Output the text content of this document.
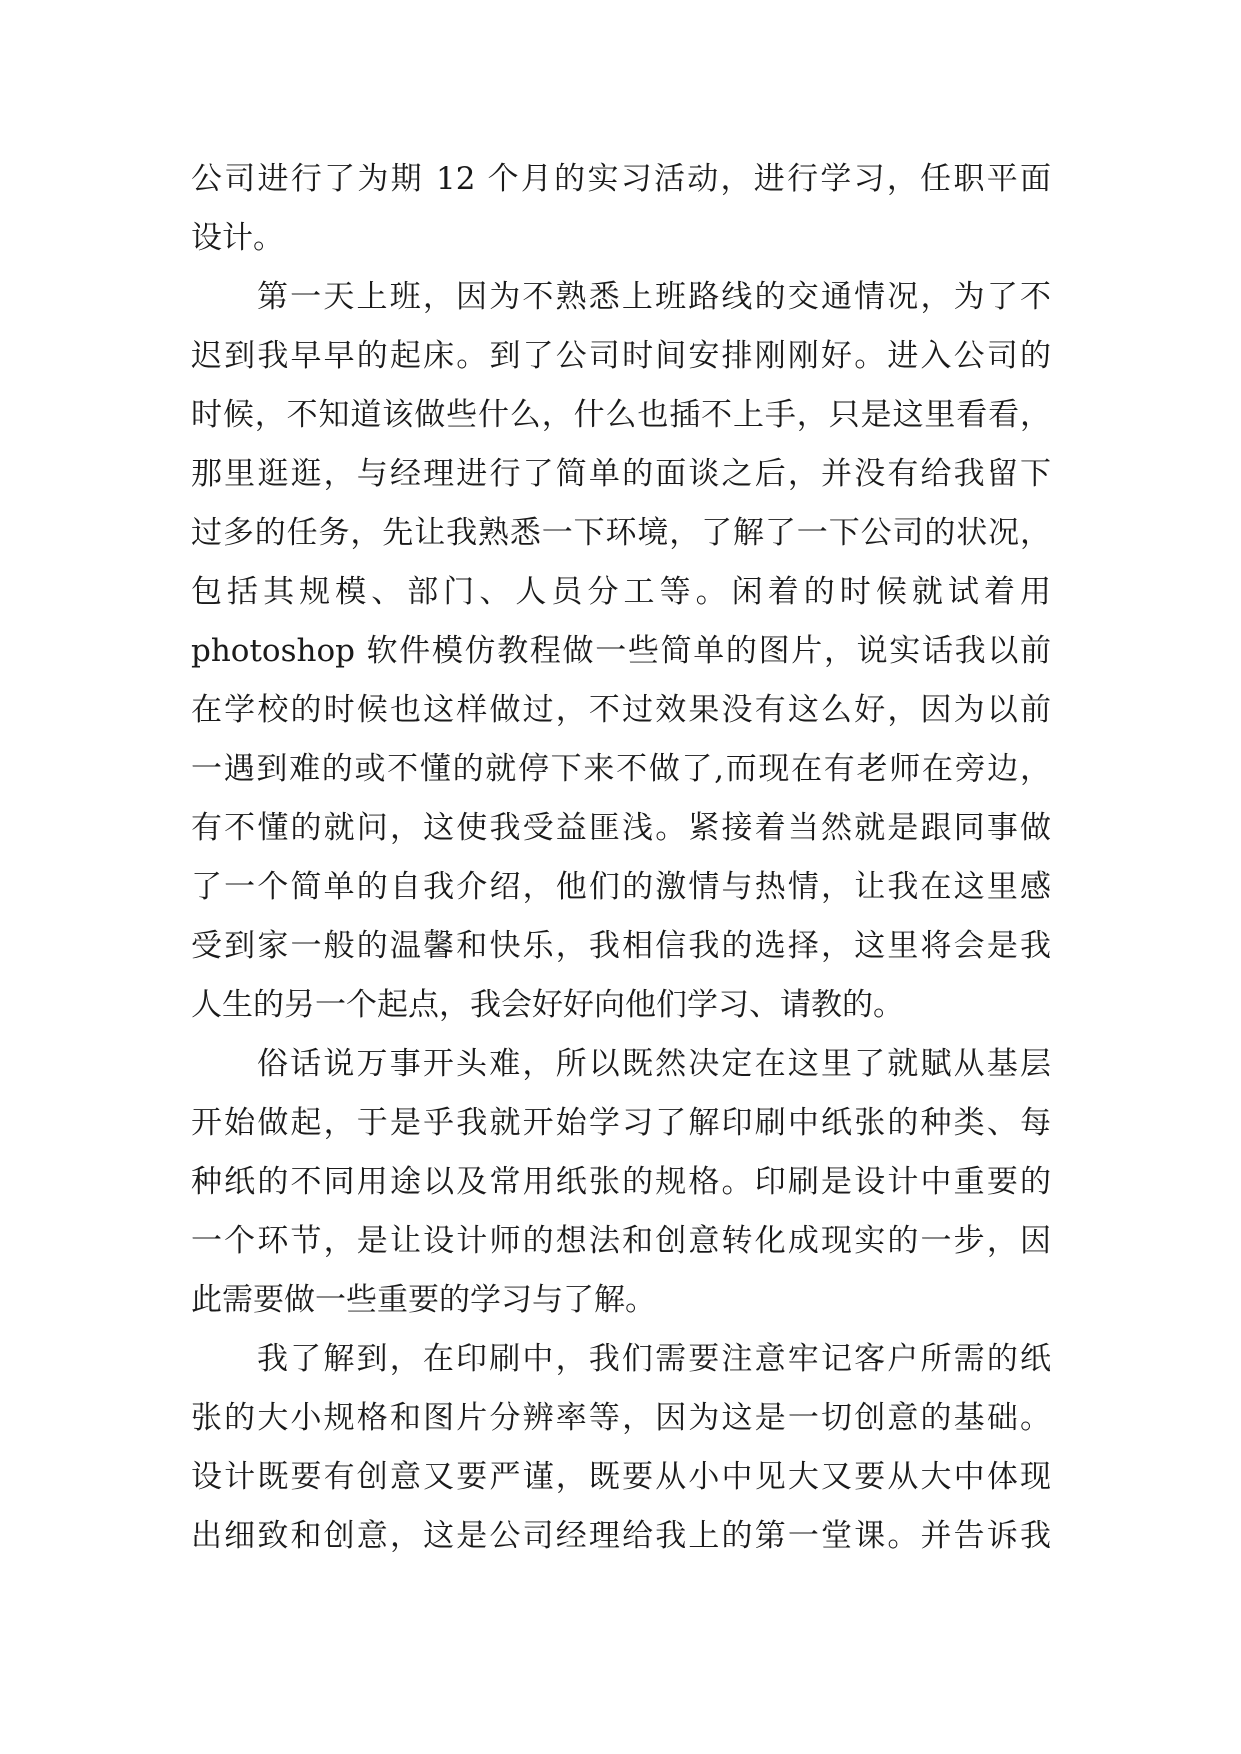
公司进行了为期 12 个月的实习活动，进行学习，任职平面
设计。
第一天上班，因为不熟悉上班路线的交通情况，为了不
迟到我早早的起床。到了公司时间安排刚刚好。进入公司的
时候，不知道该做些什么，什么也插不上手，只是这里看看，
那里逛逛，与经理进行了简单的面谈之后，并没有给我留下
过多的任务，先让我熟悉一下环境，了解了一下公司的状况，
包括其规模、部门、人员分工等。闲着的时候就试着用
photoshop 软件模仿教程做一些简单的图片，说实话我以前
在学校的时候也这样做过，不过效果没有这么好，因为以前
一遇到难的或不懂的就停下来不做了,而现在有老师在旁边，
有不懂的就问，这使我受益匪浅。紧接着当然就是跟同事做
了一个简单的自我介绍，他们的激情与热情，让我在这里感
受到家一般的温馨和快乐，我相信我的选择，这里将会是我
人生的另一个起点，我会好好向他们学习、请教的。
俗话说万事开头难，所以既然决定在这里了就賦从基层
开始做起，于是乎我就开始学习了解印刷中纸张的种类、每
种纸的不同用途以及常用纸张的规格。印刷是设计中重要的
一个环节，是让设计师的想法和创意转化成现实的一步，因
此需要做一些重要的学习与了解。
我了解到，在印刷中，我们需要注意牢记客户所需的纸
张的大小规格和图片分辨率等，因为这是一切创意的基础。
设计既要有创意又要严谨，既要从小中见大又要从大中体现
出细致和创意，这是公司经理给我上的第一堂课。并告诉我
